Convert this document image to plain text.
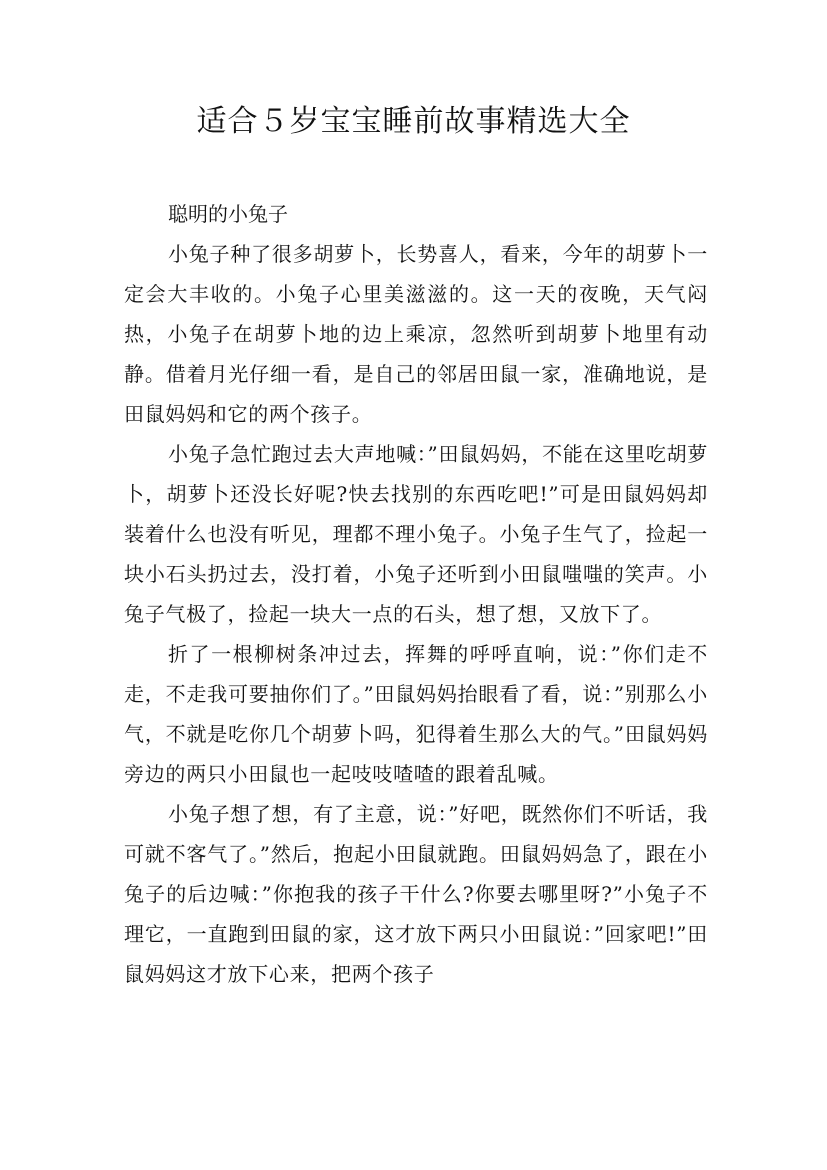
适合５岁宝宝睡前故事精选大全

聪明的小兔子

小兔子种了很多胡萝卜，长势喜人，看来，今年的胡萝卜一定会大丰收的。小兔子心里美滋滋的。这一天的夜晚，天气闷热，小兔子在胡萝卜地的边上乘凉，忽然听到胡萝卜地里有动静。借着月光仔细一看，是自己的邻居田鼠一家，准确地说，是田鼠妈妈和它的两个孩子。

小兔子急忙跑过去大声地喊：”田鼠妈妈，不能在这里吃胡萝卜，胡萝卜还没长好呢?快去找别的东西吃吧!”可是田鼠妈妈却装着什么也没有听见，理都不理小兔子。小兔子生气了，捡起一块小石头扔过去，没打着，小兔子还听到小田鼠嗤嗤的笑声。小兔子气极了，捡起一块大一点的石头，想了想，又放下了。

折了一根柳树条冲过去，挥舞的呼呼直响，说：”你们走不走，不走我可要抽你们了。”田鼠妈妈抬眼看了看，说：”别那么小气，不就是吃你几个胡萝卜吗，犯得着生那么大的气。”田鼠妈妈旁边的两只小田鼠也一起吱吱喳喳的跟着乱喊。

小兔子想了想，有了主意，说：”好吧，既然你们不听话，我可就不客气了。”然后，抱起小田鼠就跑。田鼠妈妈急了，跟在小兔子的后边喊：”你抱我的孩子干什么?你要去哪里呀?”小兔子不理它，一直跑到田鼠的家，这才放下两只小田鼠说：”回家吧!”田鼠妈妈这才放下心来，把两个孩子
